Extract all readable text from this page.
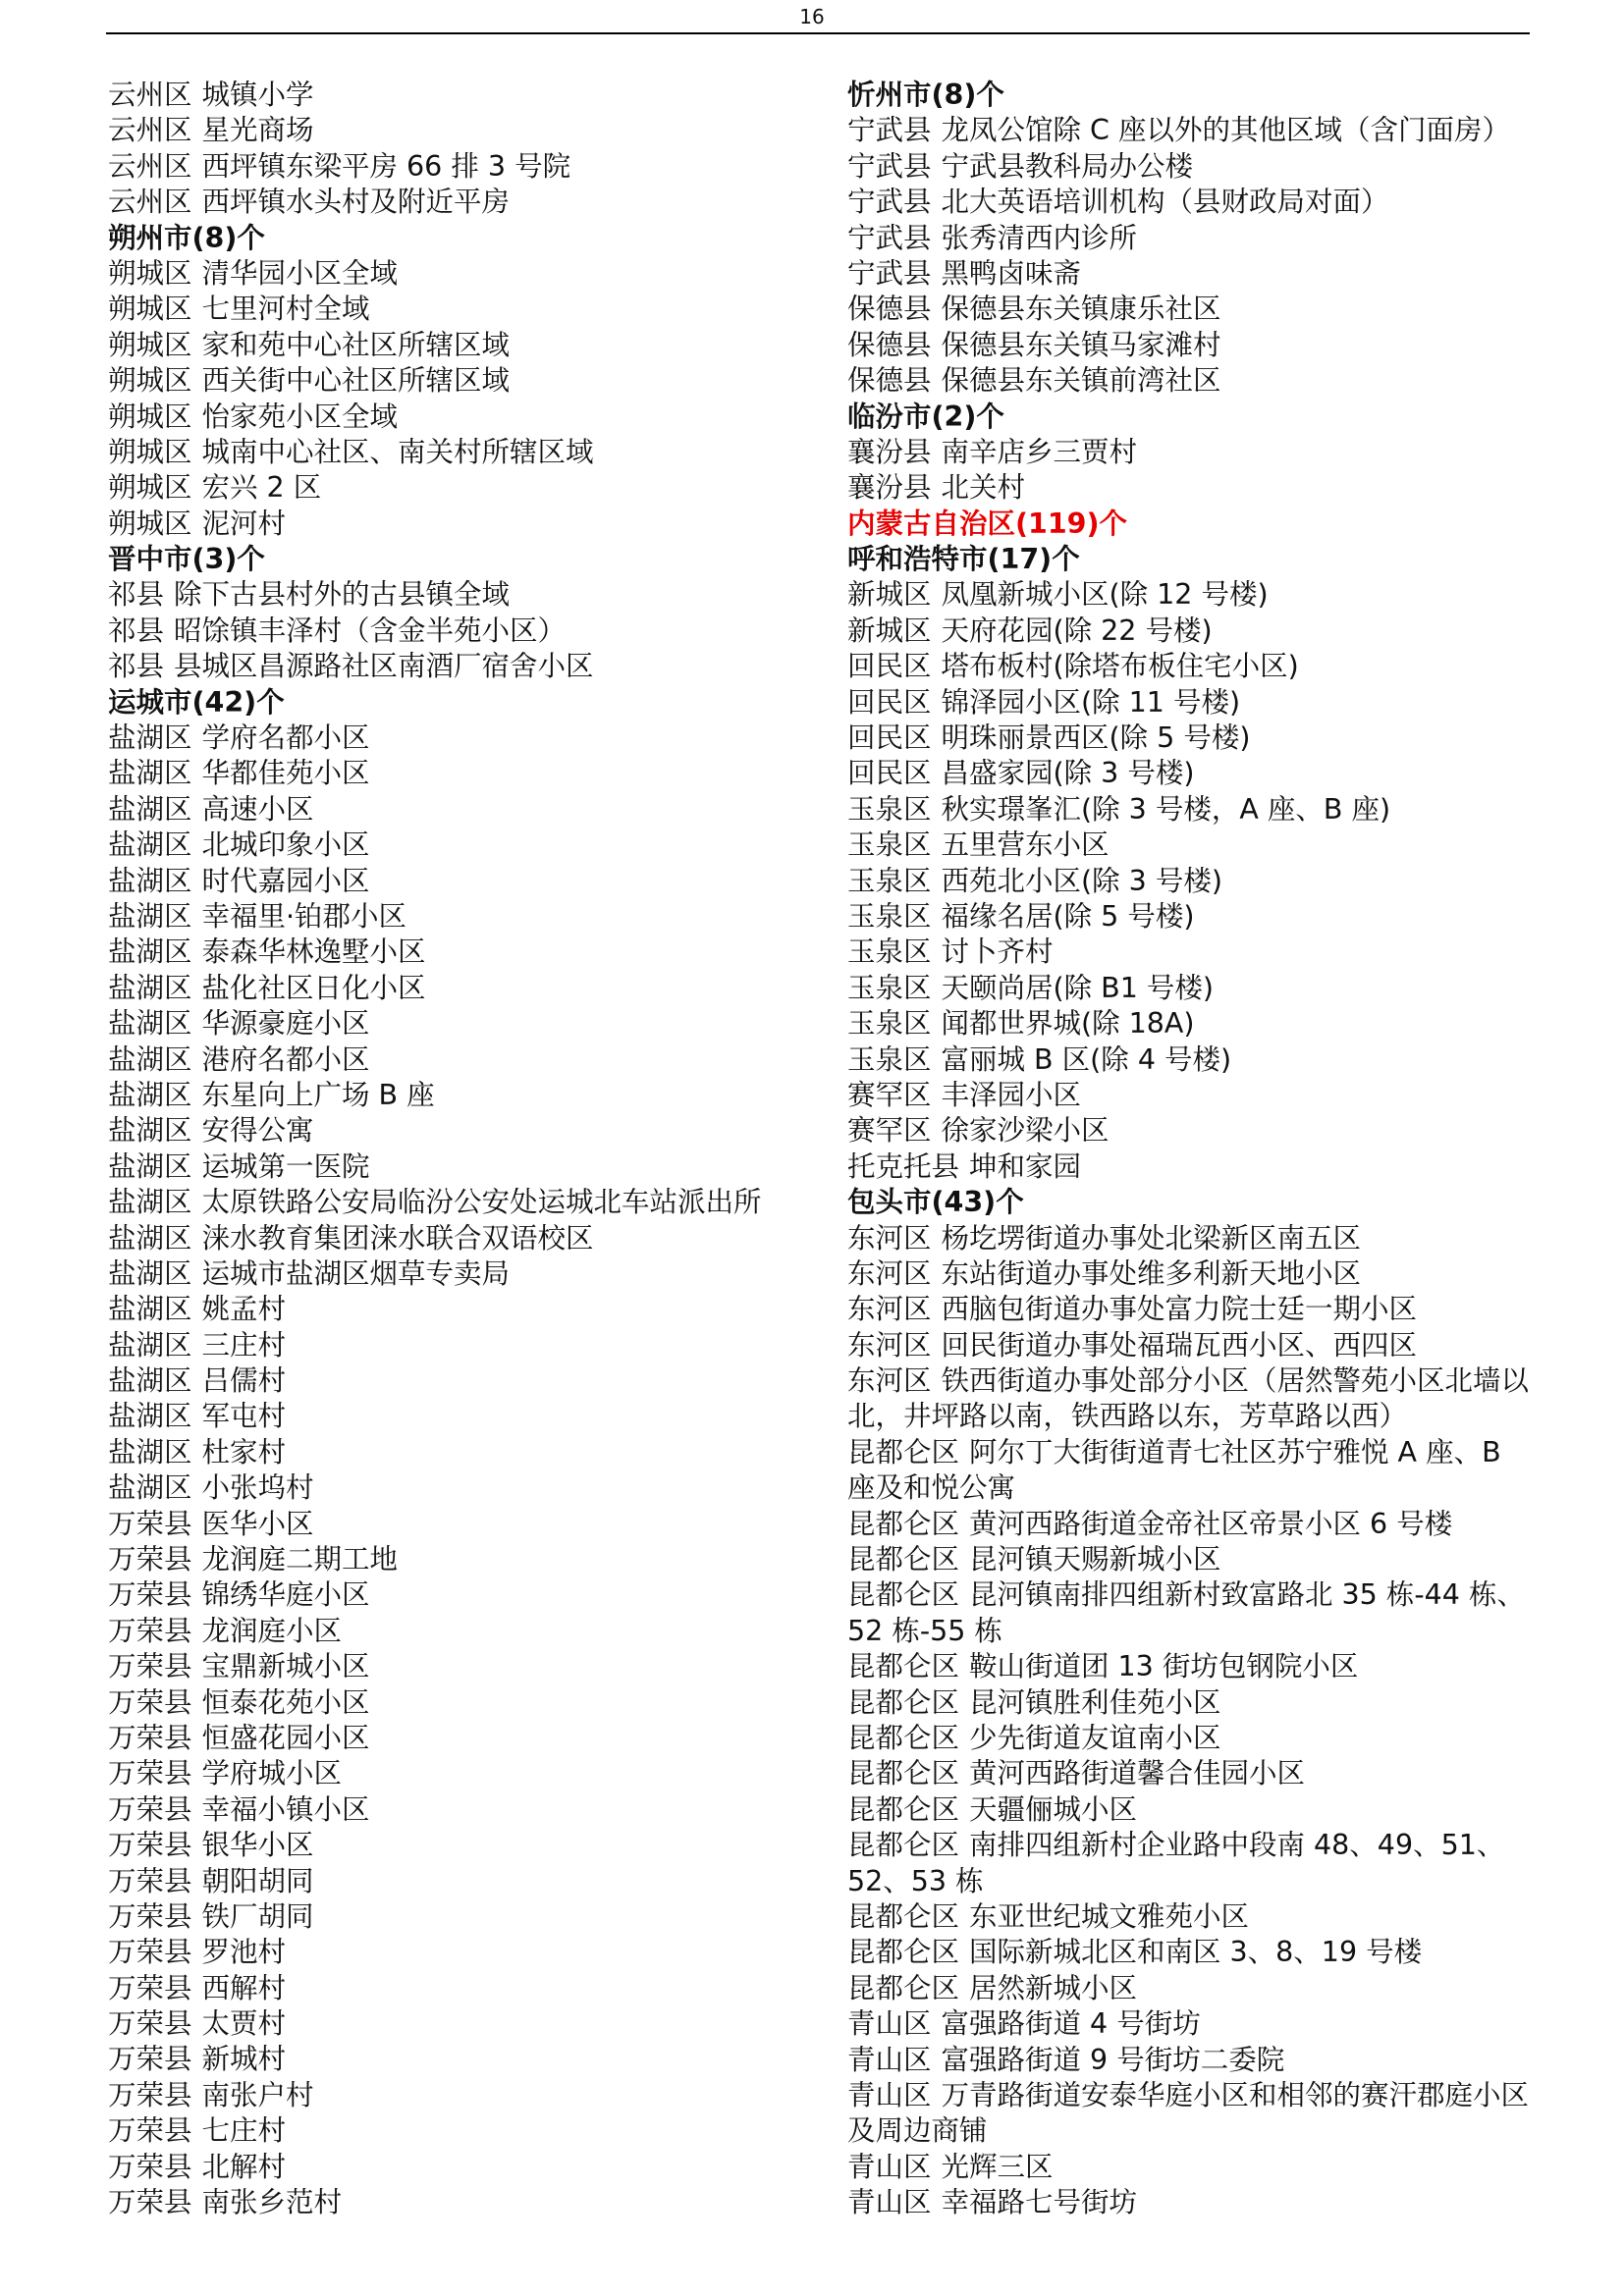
16
云州区 城镇小学
云州区 星光商场
云州区 西坪镇东梁平房 66 排 3 号院
云州区 西坪镇水头村及附近平房
朔州市(8)个
朔城区 清华园小区全域
朔城区 七里河村全域
朔城区 家和苑中心社区所辖区域
朔城区 西关街中心社区所辖区域
朔城区 怡家苑小区全域
朔城区 城南中心社区、南关村所辖区域
朔城区 宏兴 2 区
朔城区 泥河村
晋中市(3)个
祁县 除下古县村外的古县镇全域
祁县 昭馀镇丰泽村（含金半苑小区）
祁县 县城区昌源路社区南酒厂宿舍小区
运城市(42)个
盐湖区 学府名都小区
盐湖区 华都佳苑小区
盐湖区 高速小区
盐湖区 北城印象小区
盐湖区 时代嘉园小区
盐湖区 幸福里·铂郡小区
盐湖区 泰森华林逸墅小区
盐湖区 盐化社区日化小区
盐湖区 华源豪庭小区
盐湖区 港府名都小区
盐湖区 东星向上广场 B 座
盐湖区 安得公寓
盐湖区 运城第一医院
盐湖区 太原铁路公安局临汾公安处运城北车站派出所
盐湖区 涞水教育集团涞水联合双语校区
盐湖区 运城市盐湖区烟草专卖局
盐湖区 姚孟村
盐湖区 三庄村
盐湖区 吕儒村
盐湖区 军屯村
盐湖区 杜家村
盐湖区 小张坞村
万荣县 医华小区
万荣县 龙润庭二期工地
万荣县 锦绣华庭小区
万荣县 龙润庭小区
万荣县 宝鼎新城小区
万荣县 恒泰花苑小区
万荣县 恒盛花园小区
万荣县 学府城小区
万荣县 幸福小镇小区
万荣县 银华小区
万荣县 朝阳胡同
万荣县 铁厂胡同
万荣县 罗池村
万荣县 西解村
万荣县 太贾村
万荣县 新城村
万荣县 南张户村
万荣县 七庄村
万荣县 北解村
万荣县 南张乡范村
忻州市(8)个
宁武县 龙凤公馆除 C 座以外的其他区域（含门面房）
宁武县 宁武县教科局办公楼
宁武县 北大英语培训机构（县财政局对面）
宁武县 张秀清西内诊所
宁武县 黑鸭卤味斋
保德县 保德县东关镇康乐社区
保德县 保德县东关镇马家滩村
保德县 保德县东关镇前湾社区
临汾市(2)个
襄汾县 南辛店乡三贾村
襄汾县 北关村
内蒙古自治区(119)个
呼和浩特市(17)个
新城区 凤凰新城小区(除 12 号楼)
新城区 天府花园(除 22 号楼)
回民区 塔布板村(除塔布板住宅小区)
回民区 锦泽园小区(除 11 号楼)
回民区 明珠丽景西区(除 5 号楼)
回民区 昌盛家园(除 3 号楼)
玉泉区 秋实璟峯汇(除 3 号楼，A 座、B 座)
玉泉区 五里营东小区
玉泉区 西苑北小区(除 3 号楼)
玉泉区 福缘名居(除 5 号楼)
玉泉区 讨卜齐村
玉泉区 天颐尚居(除 B1 号楼)
玉泉区 闻都世界城(除 18A)
玉泉区 富丽城 B 区(除 4 号楼)
赛罕区 丰泽园小区
赛罕区 徐家沙梁小区
托克托县 坤和家园
包头市(43)个
东河区 杨圪塄街道办事处北梁新区南五区
东河区 东站街道办事处维多利新天地小区
东河区 西脑包街道办事处富力院士廷一期小区
东河区 回民街道办事处福瑞瓦西小区、西四区
东河区 铁西街道办事处部分小区（居然警苑小区北墙以北，井坪路以南，铁西路以东，芳草路以西）
昆都仑区 阿尔丁大街街道青七社区苏宁雅悦 A 座、B 座及和悦公寓
昆都仑区 黄河西路街道金帝社区帝景小区 6 号楼
昆都仑区 昆河镇天赐新城小区
昆都仑区 昆河镇南排四组新村致富路北 35 栋-44 栋、52 栋-55 栋
昆都仑区 鞍山街道团 13 街坊包钢院小区
昆都仑区 昆河镇胜利佳苑小区
昆都仑区 少先街道友谊南小区
昆都仑区 黄河西路街道馨合佳园小区
昆都仑区 天疆俪城小区
昆都仑区 南排四组新村企业路中段南 48、49、51、52、53 栋
昆都仑区 东亚世纪城文雅苑小区
昆都仑区 国际新城北区和南区 3、8、19 号楼
昆都仑区 居然新城小区
青山区 富强路街道 4 号街坊
青山区 富强路街道 9 号街坊二委院
青山区 万青路街道安泰华庭小区和相邻的赛汗郡庭小区及周边商铺
青山区 光辉三区
青山区 幸福路七号街坊
